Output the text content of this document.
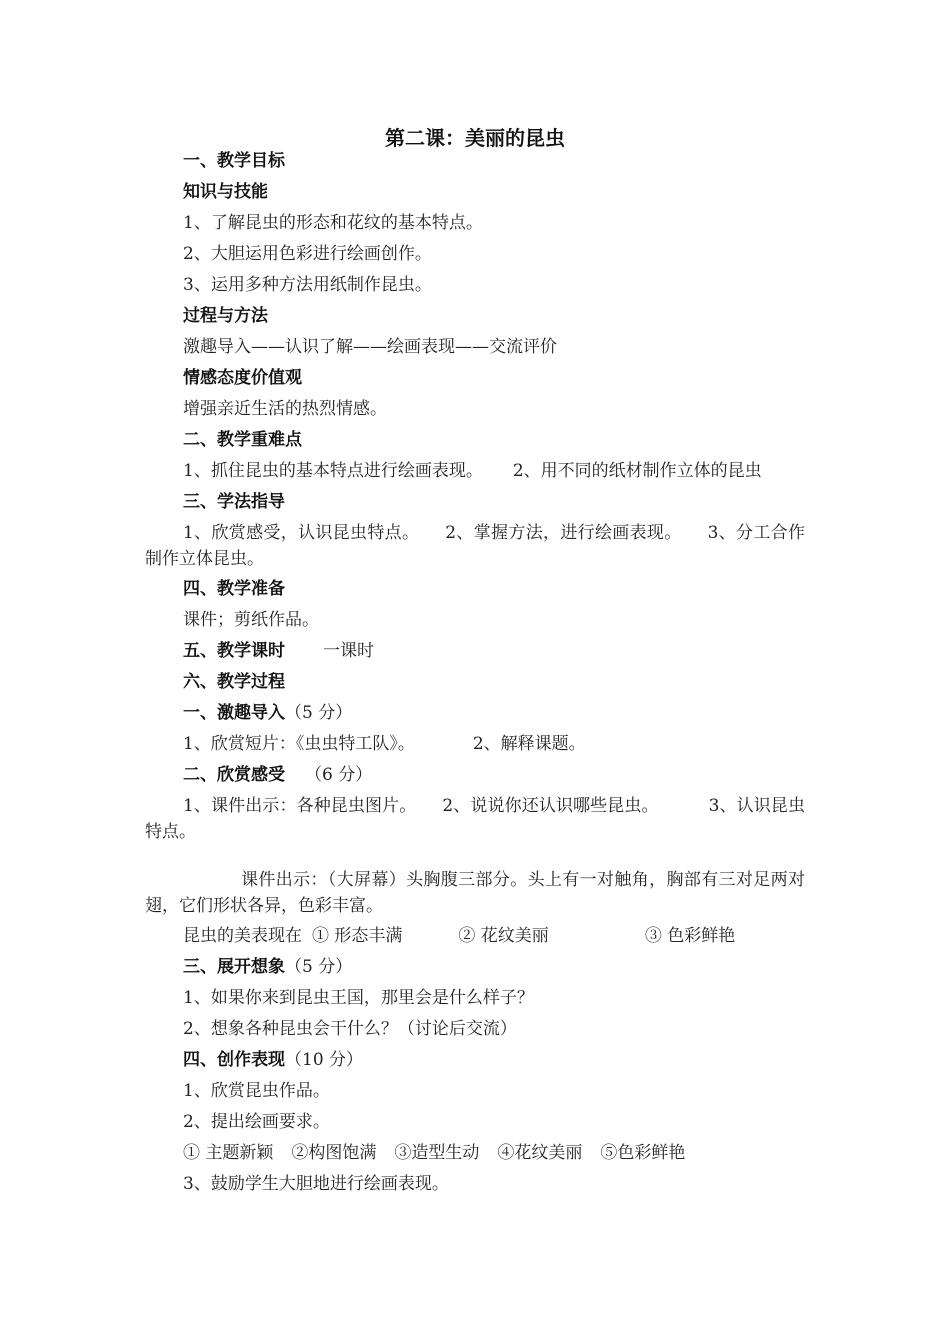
第二课：美丽的昆虫

一、教学目标

知识与技能

1、了解昆虫的形态和花纹的基本特点。

2、大胆运用色彩进行绘画创作。

3、运用多种方法用纸制作昆虫。

过程与方法

激趣导入——认识了解——绘画表现——交流评价

情感态度价值观

增强亲近生活的热烈情感。

二、教学重难点

1、抓住昆虫的基本特点进行绘画表现。 2、用不同的纸材制作立体的昆虫

三、学法指导

1、欣赏感受，认识昆虫特点。 2、掌握方法，进行绘画表现。 3、分工合作制作立体昆虫。

四、教学准备

课件；剪纸作品。

五、教学课时 一课时

六、教学过程

一、激趣导入（5 分）

1、欣赏短片：《虫虫特工队》。	2、解释课题。

二、欣赏感受 （6 分）

1、课件出示：各种昆虫图片。 2、说说你还认识哪些昆虫。	3、认识昆虫特点。

课件出示：（大屏幕）头胸腹三部分。头上有一对触角，胸部有三对足两对翅，它们形状各异，色彩丰富。

昆虫的美表现在 ① 形态丰满	② 花纹美丽	③ 色彩鲜艳

三、展开想象（5 分）

1、如果你来到昆虫王国，那里会是什么样子？

2、想象各种昆虫会干什么？（讨论后交流）

四、创作表现（10 分）

1、欣赏昆虫作品。

2、提出绘画要求。

① 主题新颖 ②构图饱满 ③造型生动 ④花纹美丽 ⑤色彩鲜艳

3、鼓励学生大胆地进行绘画表现。
